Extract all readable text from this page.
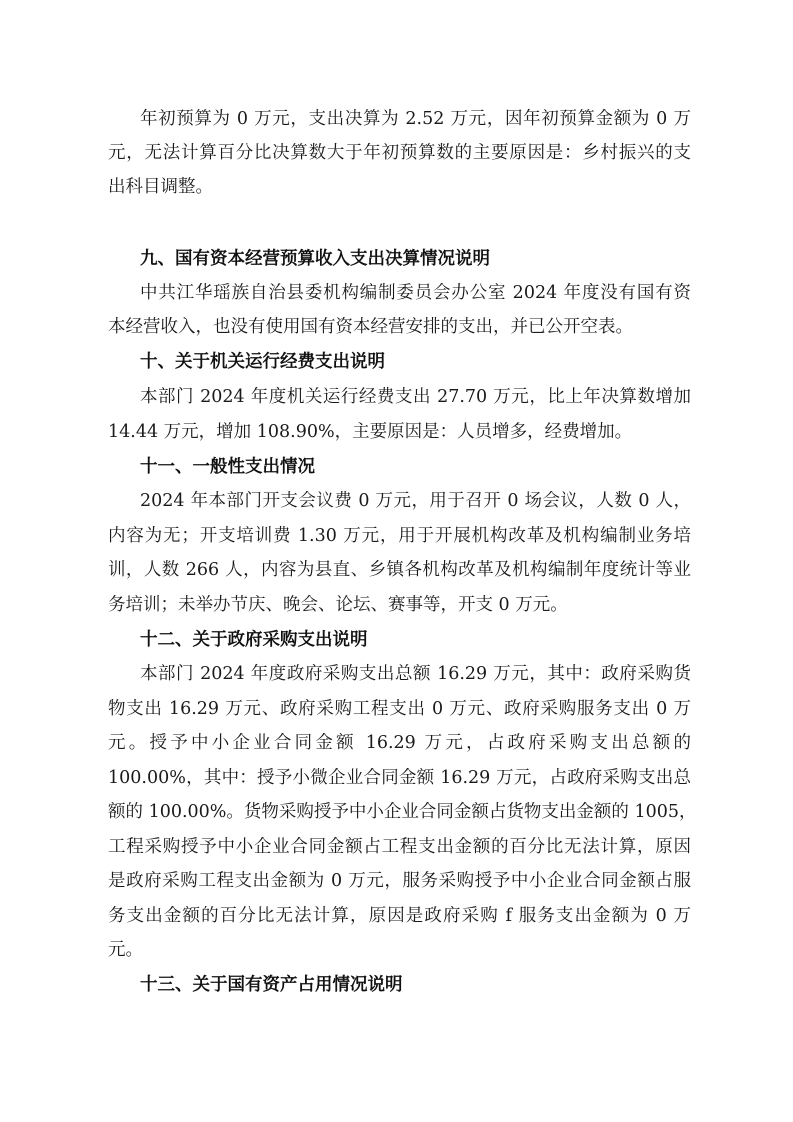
年初预算为 0 万元，支出决算为 2.52 万元，因年初预算金额为 0 万

元，无法计算百分比决算数大于年初预算数的主要原因是：乡村振兴的支

出科目调整。

九、国有资本经营预算收入支出决算情况说明

中共江华瑶族自治县委机构编制委员会办公室 2024 年度没有国有资

本经营收入，也没有使用国有资本经营安排的支出，并已公开空表。

十、关于机关运行经费支出说明

本部门 2024 年度机关运行经费支出 27.70 万元，比上年决算数增加

14.44 万元，增加 108.90%，主要原因是：人员增多，经费增加。

十一、一般性支出情况

2024 年本部门开支会议费 0 万元，用于召开 0 场会议，人数 0 人，

内容为无；开支培训费 1.30 万元，用于开展机构改革及机构编制业务培

训，人数 266 人，内容为县直、乡镇各机构改革及机构编制年度统计等业

务培训；未举办节庆、晚会、论坛、赛事等，开支 0 万元。

十二、关于政府采购支出说明

本部门 2024 年度政府采购支出总额 16.29 万元，其中：政府采购货

物支出 16.29 万元、政府采购工程支出 0 万元、政府采购服务支出 0 万

元。授予中小企业合同金额 16.29 万元，占政府采购支出总额的

100.00%，其中：授予小微企业合同金额 16.29 万元，占政府采购支出总

额的 100.00%。货物采购授予中小企业合同金额占货物支出金额的 1005，

工程采购授予中小企业合同金额占工程支出金额的百分比无法计算，原因

是政府采购工程支出金额为 0 万元，服务采购授予中小企业合同金额占服

务支出金额的百分比无法计算，原因是政府采购 f 服务支出金额为 0 万

元。

十三、关于国有资产占用情况说明
